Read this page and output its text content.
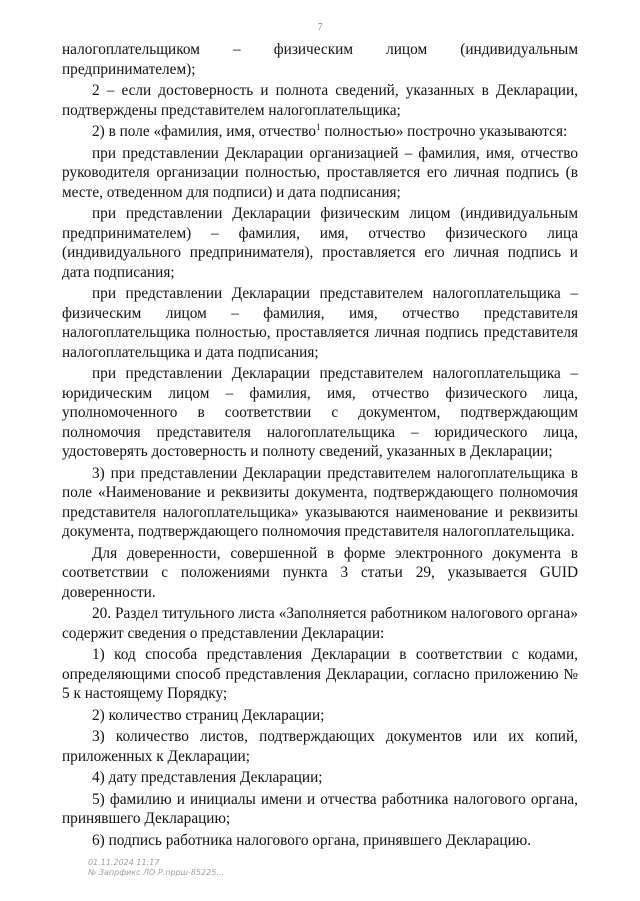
7

налогоплательщиком – физическим лицом (индивидуальным предпринимателем);

2 – если достоверность и полнота сведений, указанных в Декларации, подтверждены представителем налогоплательщика;

2) в поле «фамилия, имя, отчество$^1$ полностью» построчно указываются:

при представлении Декларации организацией – фамилия, имя, отчество руководителя организации полностью, проставляется его личная подпись (в месте, отведенном для подписи) и дата подписания;

при представлении Декларации физическим лицом (индивидуальным предпринимателем) – фамилия, имя, отчество физического лица (индивидуального предпринимателя), проставляется его личная подпись и дата подписания;

при представлении Декларации представителем налогоплательщика – физическим лицом – фамилия, имя, отчество представителя налогоплательщика полностью, проставляется личная подпись представителя налогоплательщика и дата подписания;

при представлении Декларации представителем налогоплательщика – юридическим лицом – фамилия, имя, отчество физического лица, уполномоченного в соответствии с документом, подтверждающим полномочия представителя налогоплательщика – юридического лица, удостоверять достоверность и полноту сведений, указанных в Декларации;

3) при представлении Декларации представителем налогоплательщика в поле «Наименование и реквизиты документа, подтверждающего полномочия представителя налогоплательщика» указываются наименование и реквизиты документа, подтверждающего полномочия представителя налогоплательщика.

Для доверенности, совершенной в форме электронного документа в соответствии с положениями пункта 3 статьи 29, указывается GUID доверенности.

20. Раздел титульного листа «Заполняется работником налогового органа» содержит сведения о представлении Декларации:

1) код способа представления Декларации в соответствии с кодами, определяющими способ представления Декларации, согласно приложению № 5 к настоящему Порядку;

2) количество страниц Декларации;

3) количество листов, подтверждающих документов или их копий, приложенных к Декларации;

4) дату представления Декларации;

5) фамилию и инициалы имени и отчества работника налогового органа, принявшего Декларацию;

6) подпись работника налогового органа, принявшего Декларацию.

01.11.2024 11:17
№ Запрфикс ЛО Р.пррш-85225...
